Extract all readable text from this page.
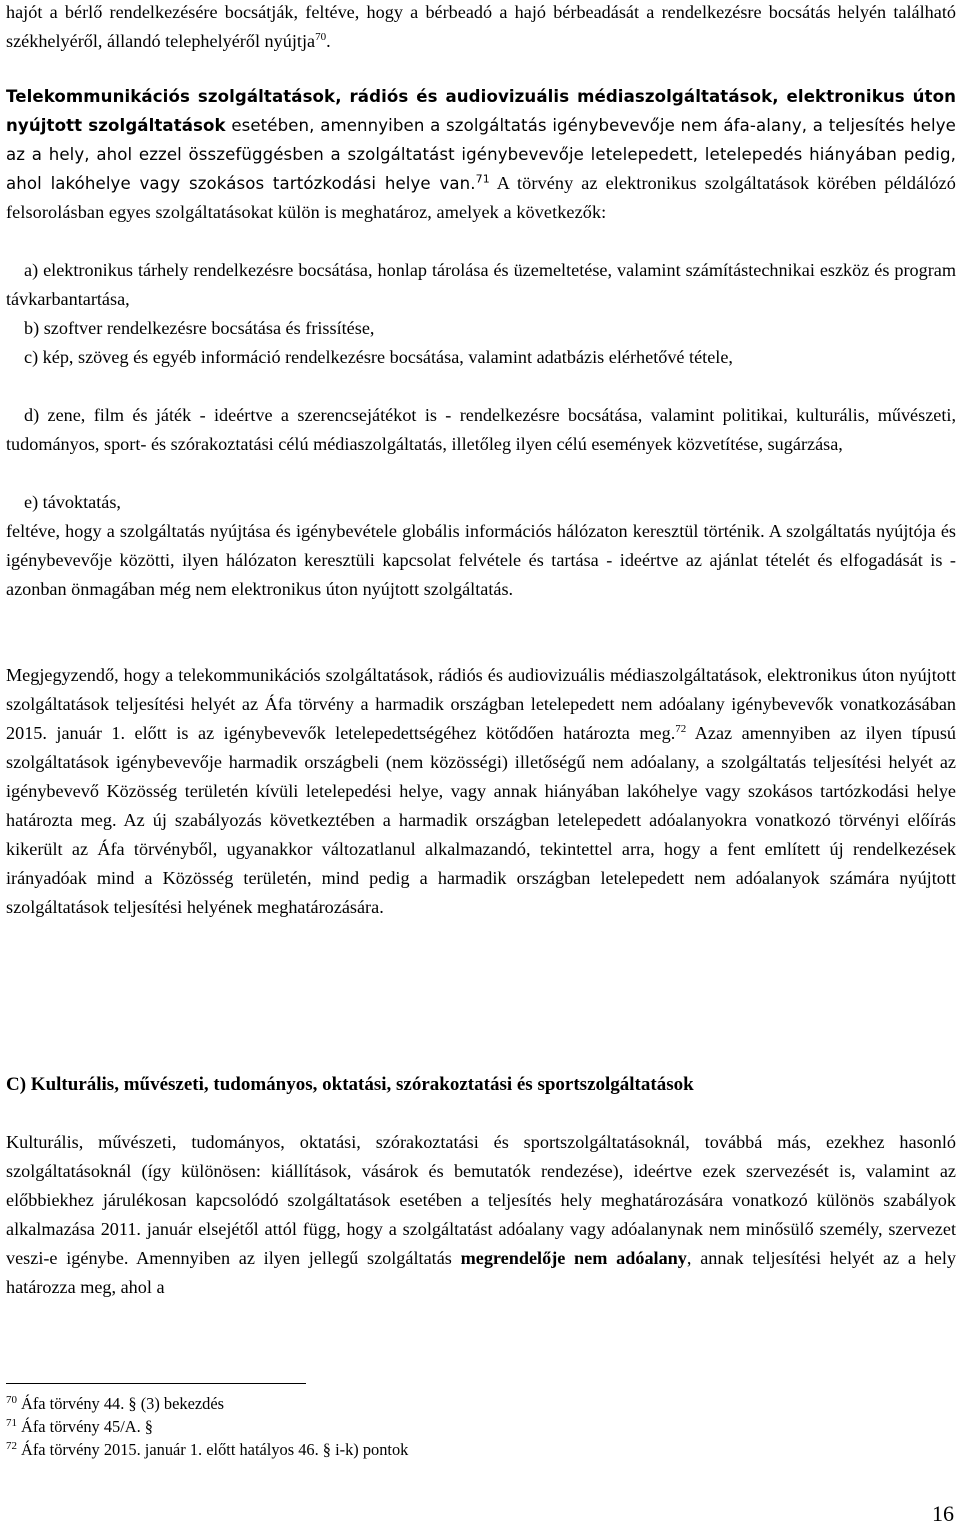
hajót a bérlő rendelkezésére bocsátják, feltéve, hogy a bérbeadó a hajó bérbeadását a rendelkezésre bocsátás helyén található székhelyéről, állandó telephelyéről nyújtja$^{70}$.

Telekommunikációs szolgáltatások, rádiós és audiovizuális médiaszolgáltatások, elektronikus úton nyújtott szolgáltatások esetében, amennyiben a szolgáltatás igénybevevője nem áfa-alany, a teljesítés helye az a hely, ahol ezzel összefüggésben a szolgáltatást igénybevevője letelepedett, letelepedés hiányában pedig, ahol lakóhelye vagy szokásos tartózkodási helye van.$^{71}$ A törvény az elektronikus szolgáltatások körében példálózó felsorolásban egyes szolgáltatásokat külön is meghatároz, amelyek a következők:

a) elektronikus tárhely rendelkezésre bocsátása, honlap tárolása és üzemeltetése, valamint számítástechnikai eszköz és program távkarbantartása,

b) szoftver rendelkezésre bocsátása és frissítése,

c) kép, szöveg és egyéb információ rendelkezésre bocsátása, valamint adatbázis elérhetővé tétele,

d) zene, film és játék - ideértve a szerencsejátékot is - rendelkezésre bocsátása, valamint politikai, kulturális, művészeti, tudományos, sport- és szórakoztatási célú médiaszolgáltatás, illetőleg ilyen célú események közvetítése, sugárzása,

e) távoktatás,

feltéve, hogy a szolgáltatás nyújtása és igénybevétele globális információs hálózaton keresztül történik. A szolgáltatás nyújtója és igénybevevője közötti, ilyen hálózaton keresztüli kapcsolat felvétele és tartása - ideértve az ajánlat tételét és elfogadását is - azonban önmagában még nem elektronikus úton nyújtott szolgáltatás.

Megjegyzendő, hogy a telekommunikációs szolgáltatások, rádiós és audiovizuális médiaszolgáltatások, elektronikus úton nyújtott szolgáltatások teljesítési helyét az Áfa törvény a harmadik országban letelepedett nem adóalany igénybevevők vonatkozásában 2015. január 1. előtt is az igénybevevők letelepedettségéhez kötődően határozta meg.$^{72}$ Azaz amennyiben az ilyen típusú szolgáltatások igénybevevője harmadik országbeli (nem közösségi) illetőségű nem adóalany, a szolgáltatás teljesítési helyét az igénybevevő Közösség területén kívüli letelepedési helye, vagy annak hiányában lakóhelye vagy szokásos tartózkodási helye határozta meg. Az új szabályozás következtében a harmadik országban letelepedett adóalanyokra vonatkozó törvényi előírás kikerült az Áfa törvényből, ugyanakkor változatlanul alkalmazandó, tekintettel arra, hogy a fent említett új rendelkezések irányadóak mind a Közösség területén, mind pedig a harmadik országban letelepedett nem adóalanyok számára nyújtott szolgáltatások teljesítési helyének meghatározására.

C) Kulturális, művészeti, tudományos, oktatási, szórakoztatási és sportszolgáltatások

Kulturális, művészeti, tudományos, oktatási, szórakoztatási és sportszolgáltatásoknál, továbbá más, ezekhez hasonló szolgáltatásoknál (így különösen: kiállítások, vásárok és bemutatók rendezése), ideértve ezek szervezését is, valamint az előbbiekhez járulékosan kapcsolódó szolgáltatások esetében a teljesítés hely meghatározására vonatkozó különös szabályok alkalmazása 2011. január elsejétől attól függ, hogy a szolgáltatást adóalany vagy adóalanynak nem minősülő személy, szervezet veszi-e igénybe. Amennyiben az ilyen jellegű szolgáltatás megrendelője nem adóalany, annak teljesítési helyét az a hely határozza meg, ahol a

$^{70}$ Áfa törvény 44. § (3) bekezdés
$^{71}$ Áfa törvény 45/A. §
$^{72}$ Áfa törvény 2015. január 1. előtt hatályos 46. § i-k) pontok
16
